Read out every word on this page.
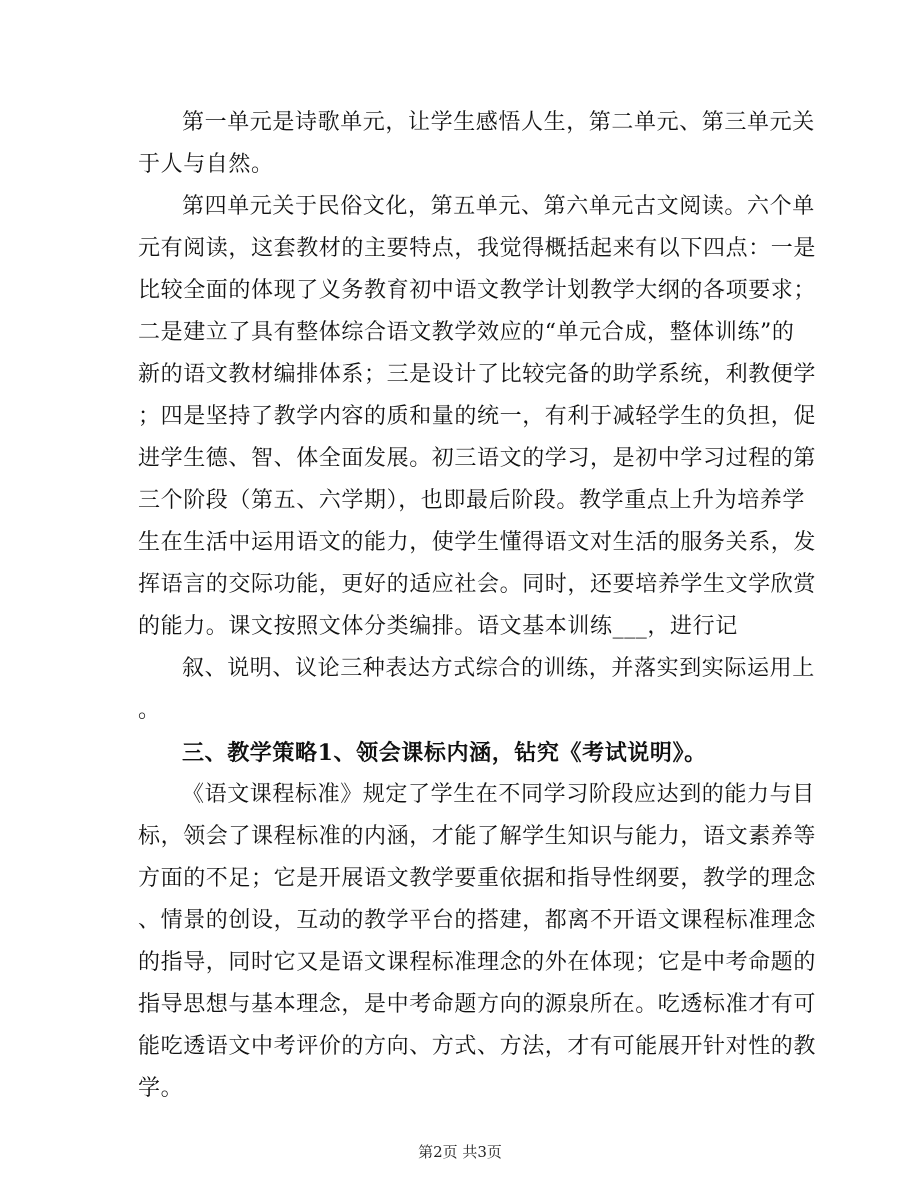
第一单元是诗歌单元，让学生感悟人生，第二单元、第三单元关
于人与自然。
第四单元关于民俗文化，第五单元、第六单元古文阅读。六个单
元有阅读，这套教材的主要特点，我觉得概括起来有以下四点：一是
比较全面的体现了义务教育初中语文教学计划教学大纲的各项要求；
二是建立了具有整体综合语文教学效应的“单元合成，整体训练”的
新的语文教材编排体系；三是设计了比较完备的助学系统，利教便学
；四是坚持了教学内容的质和量的统一，有利于减轻学生的负担，促
进学生德、智、体全面发展。初三语文的学习，是初中学习过程的第
三个阶段（第五、六学期），也即最后阶段。教学重点上升为培养学
生在生活中运用语文的能力，使学生懂得语文对生活的服务关系，发
挥语言的交际功能，更好的适应社会。同时，还要培养学生文学欣赏
的能力。课文按照文体分类编排。语文基本训练___，进行记
叙、说明、议论三种表达方式综合的训练，并落实到实际运用上
。
三、教学策略1、领会课标内涵，钻究《考试说明》。
《语文课程标准》规定了学生在不同学习阶段应达到的能力与目
标，领会了课程标准的内涵，才能了解学生知识与能力，语文素养等
方面的不足；它是开展语文教学要重依据和指导性纲要，教学的理念
、情景的创设，互动的教学平台的搭建，都离不开语文课程标准理念
的指导，同时它又是语文课程标准理念的外在体现；它是中考命题的
指导思想与基本理念，是中考命题方向的源泉所在。吃透标准才有可
能吃透语文中考评价的方向、方式、方法，才有可能展开针对性的教
学。
第2页 共3页
